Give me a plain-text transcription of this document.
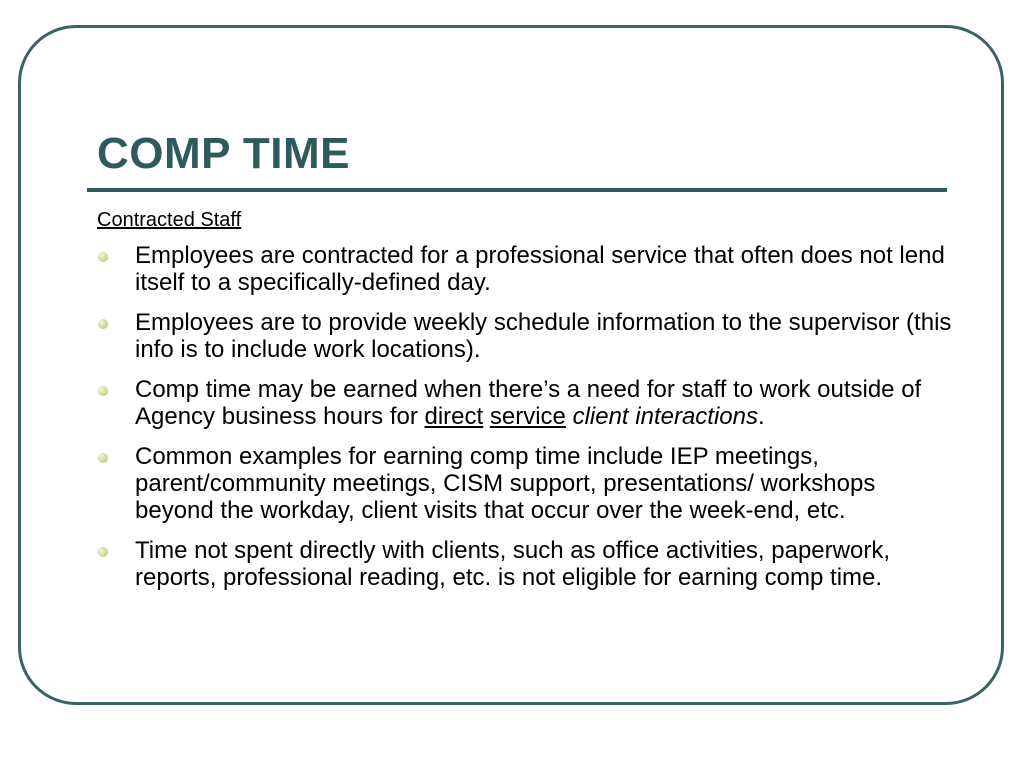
COMP TIME
Contracted Staff
Employees are contracted for a professional service that often does not lend itself to a specifically-defined day.
Employees are to provide weekly schedule information to the supervisor (this info is to include work locations).
Comp time may be earned when there’s a need for staff to work outside of Agency business hours for direct service client interactions.
Common examples for earning comp time include IEP meetings, parent/community meetings, CISM support, presentations/ workshops beyond the workday, client visits that occur over the week-end, etc.
Time not spent directly with clients, such as office activities, paperwork, reports, professional reading, etc. is not eligible for earning comp time.
